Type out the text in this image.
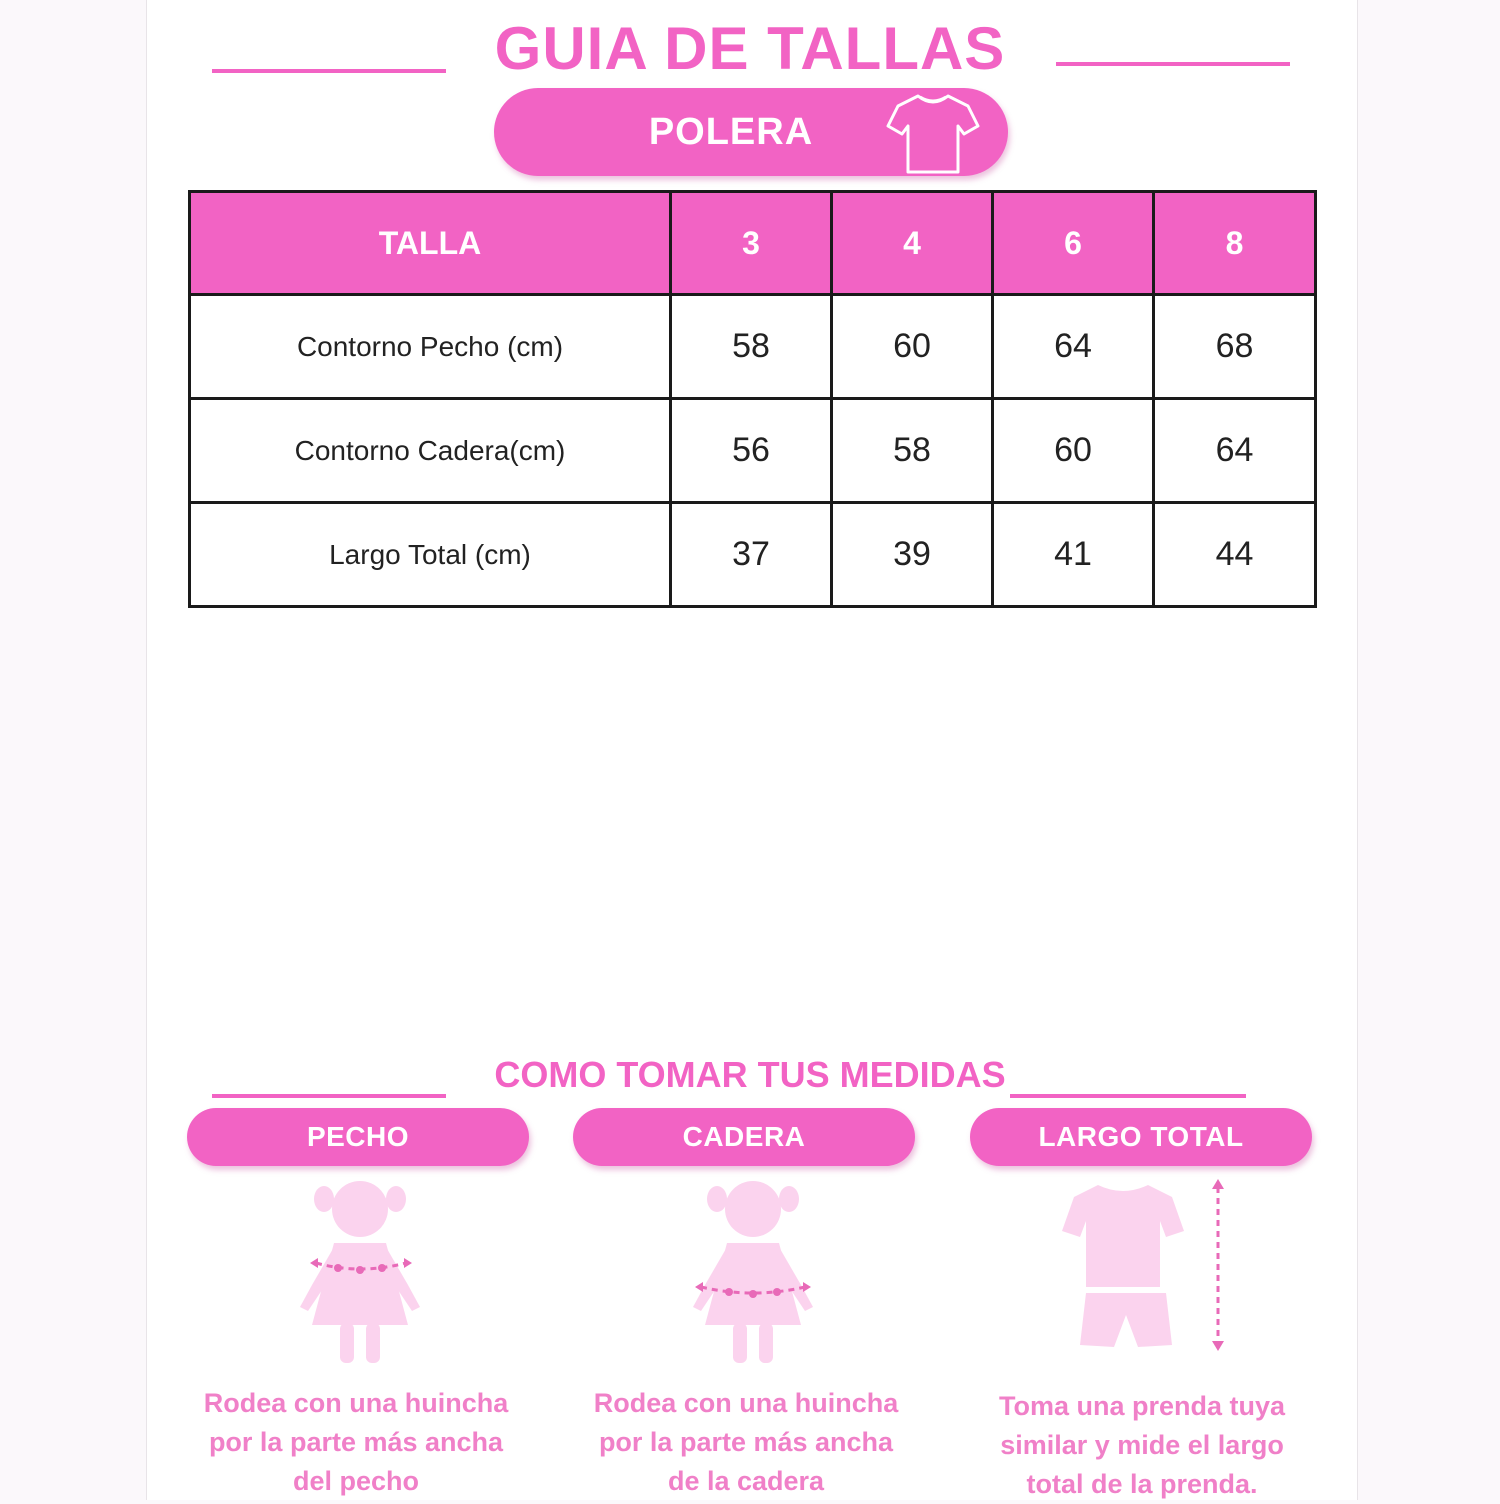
GUIA DE TALLAS
POLERA
TALLA	3	4	6	8
Contorno Pecho (cm)	58	60	64	68
Contorno Cadera(cm)	56	58	60	64
Largo Total (cm)	37	39	41	44
COMO TOMAR TUS MEDIDAS
PECHO	CADERA	LARGO TOTAL
Rodea con una huincha
por la parte más ancha
del pecho
Rodea con una huincha
por la parte más ancha
de la cadera
Toma una prenda tuya
similar y mide el largo
total de la prenda.
